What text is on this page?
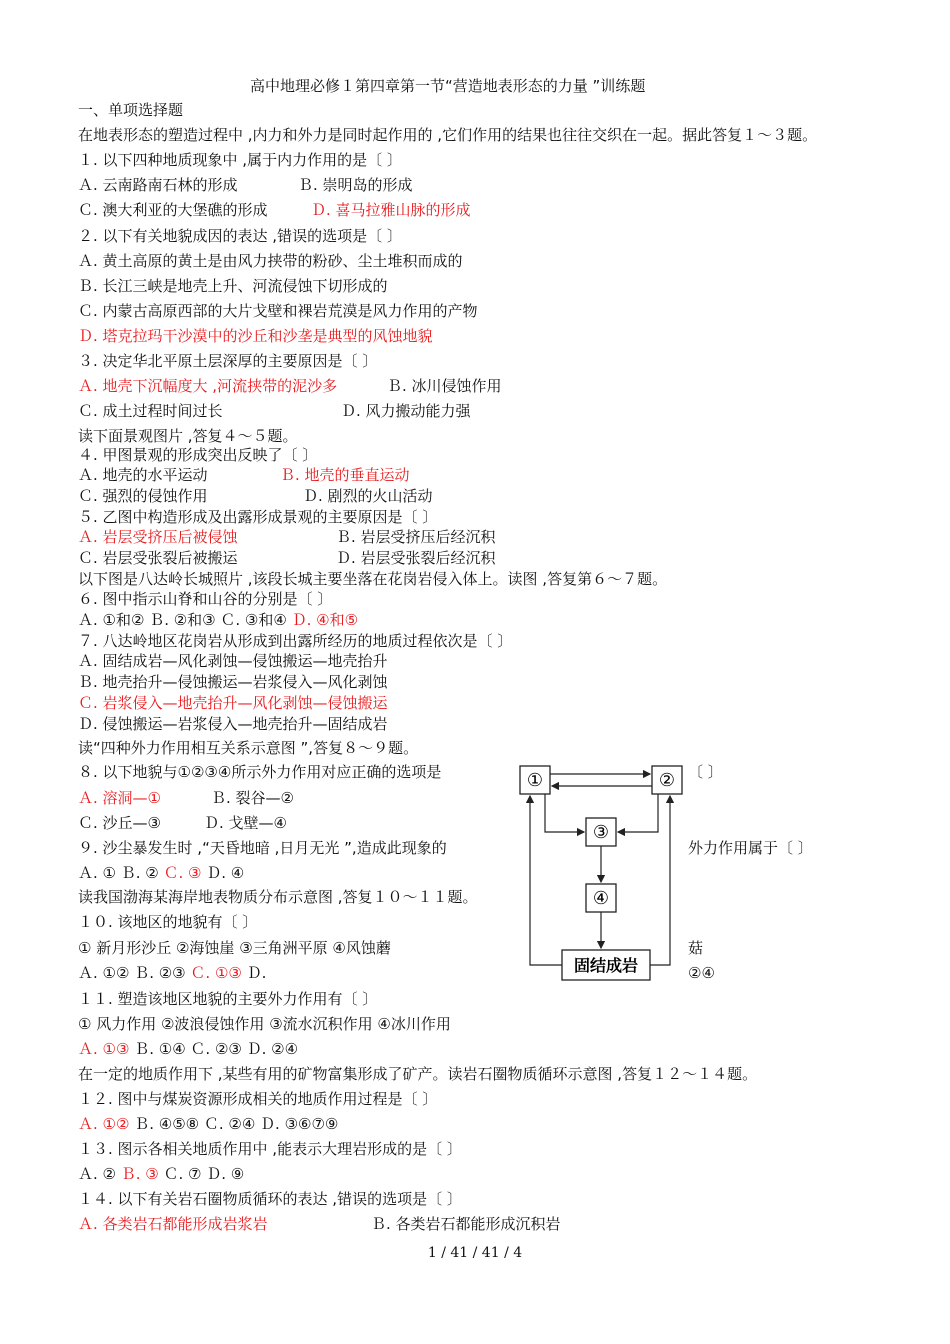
高中地理必修１第四章第一节“营造地表形态的力量 ”训练题
一、单项选择题
在地表形态的塑造过程中 ,内力和外力是同时起作用的 ,它们作用的结果也往往交织在一起。据此答复１～３题。
１. 以下四种地质现象中 ,属于内力作用的是〔 〕
Ａ. 云南路南石林的形成	Ｂ. 崇明岛的形成
Ｃ. 澳大利亚的大堡礁的形成	Ｄ. 喜马拉雅山脉的形成
２. 以下有关地貌成因的表达 ,错误的选项是〔 〕
Ａ. 黄土高原的黄土是由风力挟带的粉砂、尘土堆积而成的
Ｂ. 长江三峡是地壳上升、河流侵蚀下切形成的
Ｃ. 内蒙古高原西部的大片戈壁和裸岩荒漠是风力作用的产物
Ｄ. 塔克拉玛干沙漠中的沙丘和沙垄是典型的风蚀地貌
３. 决定华北平原土层深厚的主要原因是〔 〕
Ａ. 地壳下沉幅度大 ,河流挟带的泥沙多	Ｂ. 冰川侵蚀作用
Ｃ. 成土过程时间过长	Ｄ. 风力搬动能力强
读下面景观图片 ,答复４～５题。
４. 甲图景观的形成突出反映了〔 〕
Ａ. 地壳的水平运动	Ｂ. 地壳的垂直运动
Ｃ. 强烈的侵蚀作用	Ｄ. 剧烈的火山活动
５. 乙图中构造形成及出露形成景观的主要原因是〔 〕
Ａ. 岩层受挤压后被侵蚀	Ｂ. 岩层受挤压后经沉积
Ｃ. 岩层受张裂后被搬运	Ｄ. 岩层受张裂后经沉积
以下图是八达岭长城照片 ,该段长城主要坐落在花岗岩侵入体上。读图 ,答复第６～７题。
６. 图中指示山脊和山谷的分别是〔 〕
Ａ. ①和② Ｂ. ②和③ Ｃ. ③和④ Ｄ. ④和⑤
７. 八达岭地区花岗岩从形成到出露所经历的地质过程依次是〔 〕
Ａ. 固结成岩—风化剥蚀—侵蚀搬运—地壳抬升
Ｂ. 地壳抬升—侵蚀搬运—岩浆侵入—风化剥蚀
Ｃ. 岩浆侵入—地壳抬升—风化剥蚀—侵蚀搬运
Ｄ. 侵蚀搬运—岩浆侵入—地壳抬升—固结成岩
读“四种外力作用相互关系示意图 ”,答复８～９题。
８. 以下地貌与①②③④所示外力作用对应正确的选项是
Ａ. 溶洞—①	Ｂ. 裂谷—②
Ｃ. 沙丘—③	Ｄ. 戈壁—④
９. 沙尘暴发生时 ,“天昏地暗 ,日月无光 ”,造成此现象的
Ａ. ① Ｂ. ② Ｃ. ③ Ｄ. ④
读我国渤海某海岸地表物质分布示意图 ,答复１０～１１题。
１０. 该地区的地貌有〔 〕
① 新月形沙丘 ②海蚀崖 ③三角洲平原 ④风蚀蘑
Ａ. ①② Ｂ. ②③ Ｃ. ①③ Ｄ.
１１. 塑造该地区地貌的主要外力作用有〔 〕
① 风力作用 ②波浪侵蚀作用 ③流水沉积作用 ④冰川作用
Ａ. ①③ Ｂ. ①④ Ｃ. ②③ Ｄ. ②④
在一定的地质作用下 ,某些有用的矿物富集形成了矿产。读岩石圈物质循环示意图 ,答复１２～１４题。
１２. 图中与煤炭资源形成相关的地质作用过程是〔 〕
Ａ. ①② Ｂ. ④⑤⑧ Ｃ. ②④ Ｄ. ③⑥⑦⑨
１３. 图示各相关地质作用中 ,能表示大理岩形成的是〔 〕
Ａ. ② Ｂ. ③ Ｃ. ⑦ Ｄ. ⑨
１４. 以下有关岩石圈物质循环的表达 ,错误的选项是〔 〕
Ａ. 各类岩石都能形成岩浆岩	Ｂ. 各类岩石都能形成沉积岩
〔 〕
外力作用属于〔 〕
菇
②④
①	②
③
④
固结成岩
1 / 41 / 41 / 4
